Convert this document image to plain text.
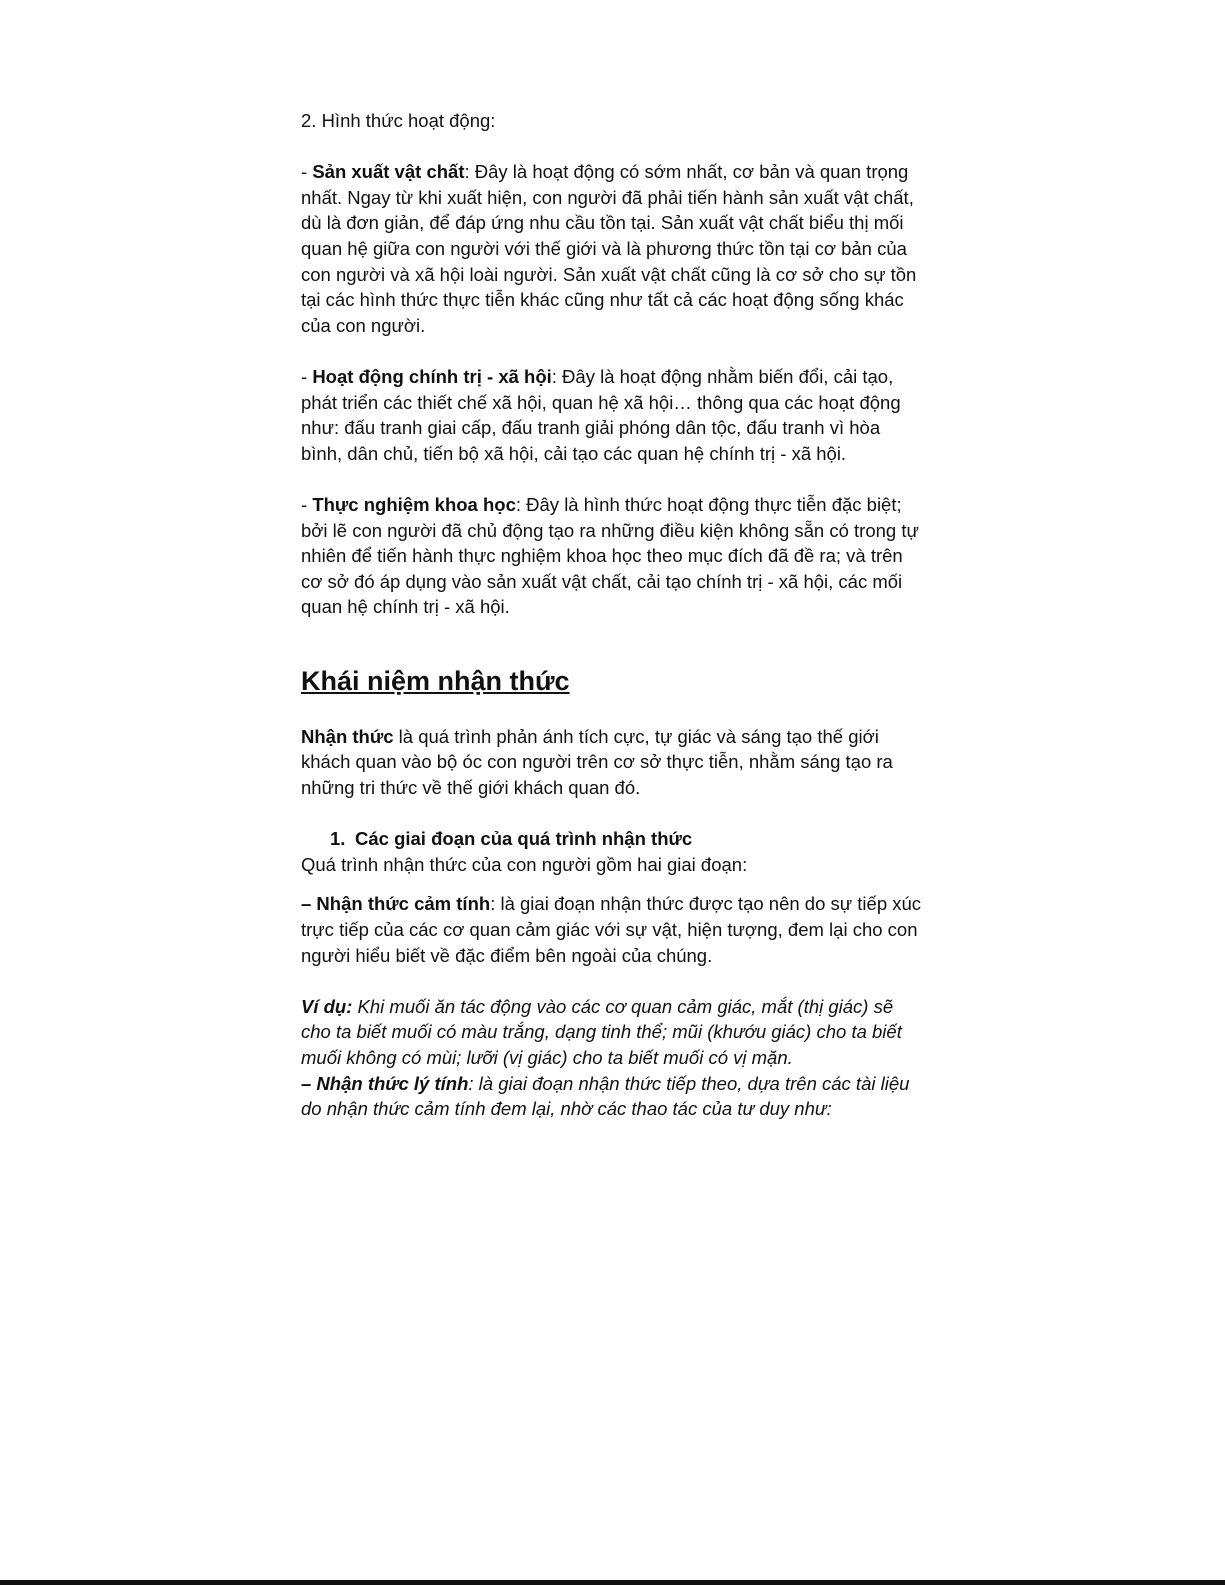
2. Hình thức hoạt động:

- Sản xuất vật chất: Đây là hoạt động có sớm nhất, cơ bản và quan trọng nhất. Ngay từ khi xuất hiện, con người đã phải tiến hành sản xuất vật chất, dù là đơn giản, để đáp ứng nhu cầu tồn tại. Sản xuất vật chất biểu thị mối quan hệ giữa con người với thế giới và là phương thức tồn tại cơ bản của con người và xã hội loài người. Sản xuất vật chất cũng là cơ sở cho sự tồn tại các hình thức thực tiễn khác cũng như tất cả các hoạt động sống khác của con người.

- Hoạt động chính trị - xã hội: Đây là hoạt động nhằm biến đổi, cải tạo, phát triển các thiết chế xã hội, quan hệ xã hội… thông qua các hoạt động như: đấu tranh giai cấp, đấu tranh giải phóng dân tộc, đấu tranh vì hòa bình, dân chủ, tiến bộ xã hội, cải tạo các quan hệ chính trị - xã hội.

- Thực nghiệm khoa học: Đây là hình thức hoạt động thực tiễn đặc biệt; bởi lẽ con người đã chủ động tạo ra những điều kiện không sẵn có trong tự nhiên để tiến hành thực nghiệm khoa học theo mục đích đã đề ra; và trên cơ sở đó áp dụng vào sản xuất vật chất, cải tạo chính trị - xã hội, các mối quan hệ chính trị - xã hội.

Khái niệm nhận thức

Nhận thức là quá trình phản ánh tích cực, tự giác và sáng tạo thế giới khách quan vào bộ óc con người trên cơ sở thực tiễn, nhằm sáng tạo ra những tri thức về thế giới khách quan đó.

1. Các giai đoạn của quá trình nhận thức

Quá trình nhận thức của con người gồm hai giai đoạn:

– Nhận thức cảm tính: là giai đoạn nhận thức được tạo nên do sự tiếp xúc trực tiếp của các cơ quan cảm giác với sự vật, hiện tượng, đem lại cho con người hiểu biết về đặc điểm bên ngoài của chúng.

Ví dụ: Khi muối ăn tác động vào các cơ quan cảm giác, mắt (thị giác) sẽ cho ta biết muối có màu trắng, dạng tinh thể; mũi (khướu giác) cho ta biết muối không có mùi; lưỡi (vị giác) cho ta biết muối có vị mặn.

– Nhận thức lý tính: là giai đoạn nhận thức tiếp theo, dựa trên các tài liệu do nhận thức cảm tính đem lại, nhờ các thao tác của tư duy như:
